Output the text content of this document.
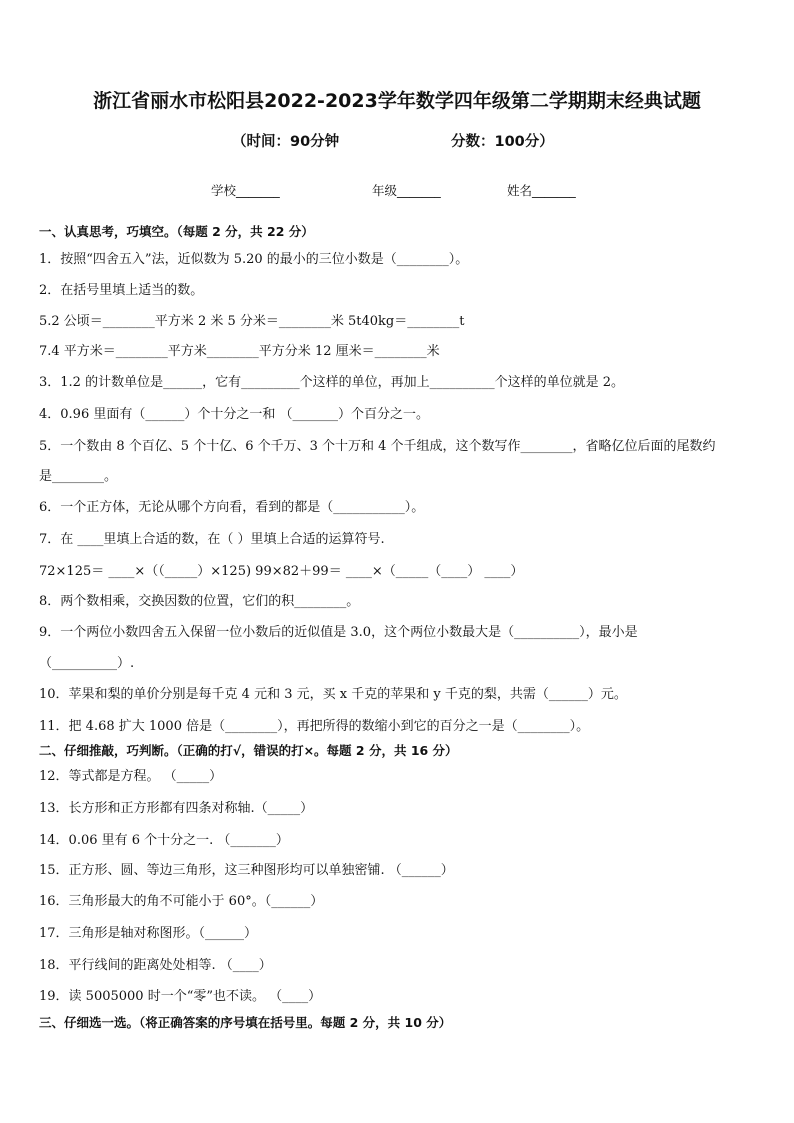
浙江省丽水市松阳县2022-2023学年数学四年级第二学期期末经典试题
（时间：90分钟	分数：100分）
学校_______	年级_______	姓名_______
一、认真思考，巧填空。（每题 2 分，共 22 分）
1．按照“四舍五入”法，近似数为 5.20 的最小的三位小数是（________）。
2．在括号里填上适当的数。
5.2 公顷＝________平方米 2 米 5 分米＝________米 5t40kg＝________t
7.4 平方米＝________平方米________平方分米 12 厘米＝________米
3．1.2 的计数单位是______，它有_________个这样的单位，再加上__________个这样的单位就是 2。
4．0.96 里面有（______）个十分之一和 （_______）个百分之一。
5．一个数由 8 个百亿、5 个十亿、6 个千万、3 个十万和 4 个千组成，这个数写作________，省略亿位后面的尾数约
是________。
6．一个正方体，无论从哪个方向看，看到的都是（___________）。
7．在 ____里填上合适的数，在（ ）里填上合适的运算符号.
72×125＝ ____×（（_____）×125) 99×82＋99＝ ____×（_____（____） ____）
8．两个数相乘，交换因数的位置，它们的积________。
9．一个两位小数四舍五入保留一位小数后的近似值是 3.0，这个两位小数最大是（__________），最小是
（__________）.
10．苹果和梨的单价分别是每千克 4 元和 3 元，买 x 千克的苹果和 y 千克的梨，共需（______）元。
11．把 4.68 扩大 1000 倍是（________），再把所得的数缩小到它的百分之一是（________）。
二、仔细推敲，巧判断。（正确的打√，错误的打×。每题 2 分，共 16 分）
12．等式都是方程。 （_____）
13．长方形和正方形都有四条对称轴.（_____）
14．0.06 里有 6 个十分之一. （_______）
15．正方形、圆、等边三角形，这三种图形均可以单独密铺. （______）
16．三角形最大的角不可能小于 60°。（______）
17．三角形是轴对称图形。（______）
18．平行线间的距离处处相等. （____）
19．读 5005000 时一个“零”也不读。 （____）
三、仔细选一选。（将正确答案的序号填在括号里。每题 2 分，共 10 分）
